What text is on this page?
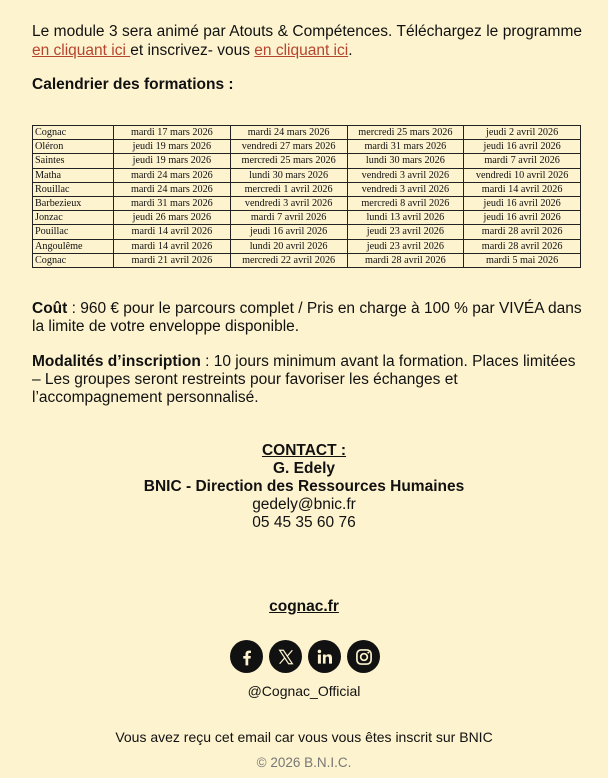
Le module 3 sera animé par Atouts & Compétences. Téléchargez le programme en cliquant ici et inscrivez- vous en cliquant ici.

Calendrier des formations :

Cognac	mardi 17 mars 2026	mardi 24 mars 2026	mercredi 25 mars 2026	jeudi 2 avril 2026
Oléron	jeudi 19 mars 2026	vendredi 27 mars 2026	mardi 31 mars 2026	jeudi 16 avril 2026
Saintes	jeudi 19 mars 2026	mercredi 25 mars 2026	lundi 30 mars 2026	mardi 7 avril 2026
Matha	mardi 24 mars 2026	lundi 30 mars 2026	vendredi 3 avril 2026	vendredi 10 avril 2026
Rouillac	mardi 24 mars 2026	mercredi 1 avril 2026	vendredi 3 avril 2026	mardi 14 avril 2026
Barbezieux	mardi 31 mars 2026	vendredi 3 avril 2026	mercredi 8 avril 2026	jeudi 16 avril 2026
Jonzac	jeudi 26 mars 2026	mardi 7 avril 2026	lundi 13 avril 2026	jeudi 16 avril 2026
Pouillac	mardi 14 avril 2026	jeudi 16 avril 2026	jeudi 23 avril 2026	mardi 28 avril 2026
Angoulême	mardi 14 avril 2026	lundi 20 avril 2026	jeudi 23 avril 2026	mardi 28 avril 2026
Cognac	mardi 21 avril 2026	mercredi 22 avril 2026	mardi 28 avril 2026	mardi 5 mai 2026

Coût : 960 € pour le parcours complet / Pris en charge à 100 % par VIVÉA dans la limite de votre enveloppe disponible.

Modalités d’inscription : 10 jours minimum avant la formation. Places limitées – Les groupes seront restreints pour favoriser les échanges et l’accompagnement personnalisé.

CONTACT :
G. Edely
BNIC - Direction des Ressources Humaines
gedely@bnic.fr
05 45 35 60 76
cognac.fr
@Cognac_Official
Vous avez reçu cet email car vous vous êtes inscrit sur BNIC
© 2026 B.N.I.C.
